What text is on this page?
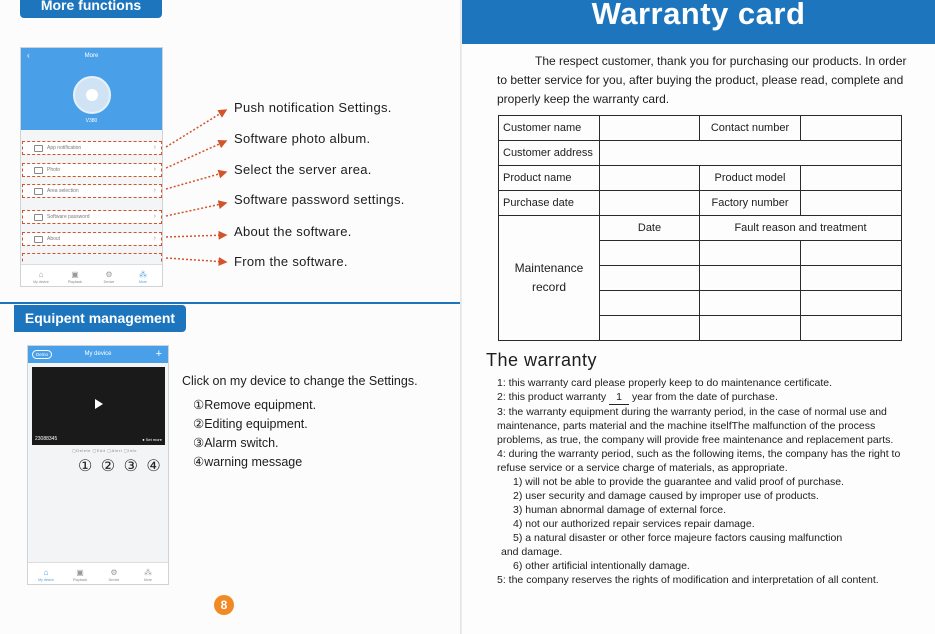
More functions
‹	More
V380
App notification ›
Photo ›
Area selection ›
Software password ›
About ›
⌂
My device
▣
Playback
⚙
Device
⁂
More
Push notification Settings.
Software photo album.
Select the server area.
Software password settings.
About the software.
From the software.
Equipent management
Demo	My device	+
23088345	● Set more
▢Delete ▢Edit ▢Alert ▢Info
① ② ③ ④
⌂
My device
▣
Playback
⚙
Device
⁂
More
Click on my device to change the Settings.
①Remove equipment.
②Editing equipment.
③Alarm switch.
④warning message
8
Warranty card
The respect customer, thank you for purchasing our products. In order to better service for you, after buying the product, please read, complete and properly keep the warranty card.
Customer name		Contact number	
Customer address			
Product name		Product model	
Purchase date		Factory number	
Maintenance
record	Date	Fault reason and treatment	

The warranty

1: this warranty card please properly keep to do maintenance certificate.

2: this product warranty 1 year from the date of purchase.

3: the warranty equipment during the warranty period, in the case of normal use and maintenance, parts material and the machine itselfThe malfunction of the process problems, as true, the company will provide free maintenance and replacement parts.

4: during the warranty period, such as the following items, the company has the right to refuse service or a service charge of materials, as appropriate.

1) will not be able to provide the guarantee and valid proof of purchase.

2) user security and damage caused by improper use of products.

3) human abnormal damage of external force.

4) not our authorized repair services repair damage.

5) a natural disaster or other force majeure factors causing malfunction

and damage.

6) other artificial intentionally damage.

5: the company reserves the rights of modification and interpretation of all content.
